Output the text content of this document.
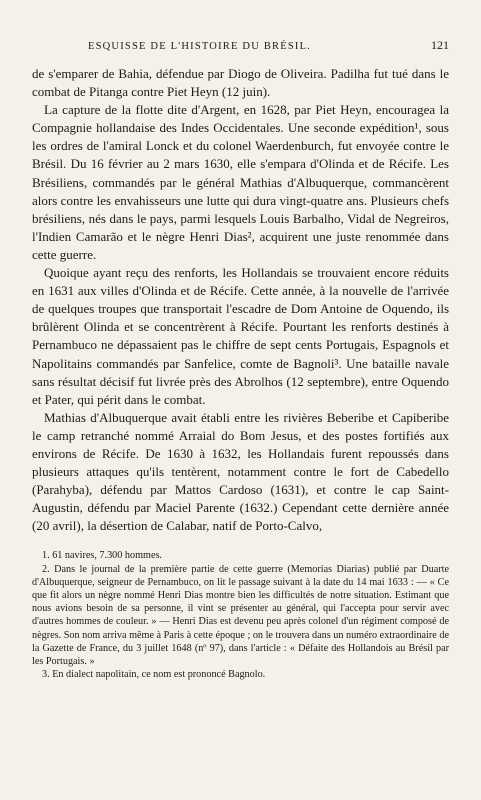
ESQUISSE DE L'HISTOIRE DU BRÉSIL.	121

de s'emparer de Bahia, défendue par Diogo de Oliveira. Padilha fut tué dans le combat de Pitanga contre Piet Heyn (12 juin).

La capture de la flotte dite d'Argent, en 1628, par Piet Heyn, encouragea la Compagnie hollandaise des Indes Occidentales. Une seconde expédition¹, sous les ordres de l'amiral Lonck et du colonel Waerdenburch, fut envoyée contre le Brésil. Du 16 février au 2 mars 1630, elle s'empara d'Olinda et de Récife. Les Brésiliens, commandés par le général Mathias d'Albuquerque, commancèrent alors contre les envahisseurs une lutte qui dura vingt-quatre ans. Plusieurs chefs brésiliens, nés dans le pays, parmi lesquels Louis Barbalho, Vidal de Negreiros, l'Indien Camarão et le nègre Henri Dias², acquirent une juste renommée dans cette guerre.

Quoique ayant reçu des renforts, les Hollandais se trouvaient encore réduits en 1631 aux villes d'Olinda et de Récife. Cette année, à la nouvelle de l'arrivée de quelques troupes que transportait l'escadre de Dom Antoine de Oquendo, ils brûlèrent Olinda et se concentrèrent à Récife. Pourtant les renforts destinés à Pernambuco ne dépassaient pas le chiffre de sept cents Portugais, Espagnols et Napolitains commandés par Sanfelice, comte de Bagnoli³. Une bataille navale sans résultat décisif fut livrée près des Abrolhos (12 septembre), entre Oquendo et Pater, qui périt dans le combat.

Mathias d'Albuquerque avait établi entre les rivières Beberibe et Capiberibe le camp retranché nommé Arraial do Bom Jesus, et des postes fortifiés aux environs de Récife. De 1630 à 1632, les Hollandais furent repoussés dans plusieurs attaques qu'ils tentèrent, notamment contre le fort de Cabedello (Parahyba), défendu par Mattos Cardoso (1631), et contre le cap Saint-Augustin, défendu par Maciel Parente (1632.) Cependant cette dernière année (20 avril), la désertion de Calabar, natif de Porto-Calvo,

1. 61 navires, 7.300 hommes.

2. Dans le journal de la première partie de cette guerre (Memorias Diarias) publié par Duarte d'Albuquerque, seigneur de Pernambuco, on lit le passage suivant à la date du 14 mai 1633 : — « Ce que fit alors un nègre nommé Henri Dias montre bien les difficultés de notre situation. Estimant que nous avions besoin de sa personne, il vint se présenter au général, qui l'accepta pour servir avec d'autres hommes de couleur. » — Henri Dias est devenu peu après colonel d'un régiment composé de nègres. Son nom arriva même à Paris à cette époque ; on le trouvera dans un numéro extraordinaire de la Gazette de France, du 3 juillet 1648 (nº 97), dans l'article : « Défaite des Hollandois au Brésil par les Portugais. »

3. En dialect napolitain, ce nom est prononcé Bagnolo.
